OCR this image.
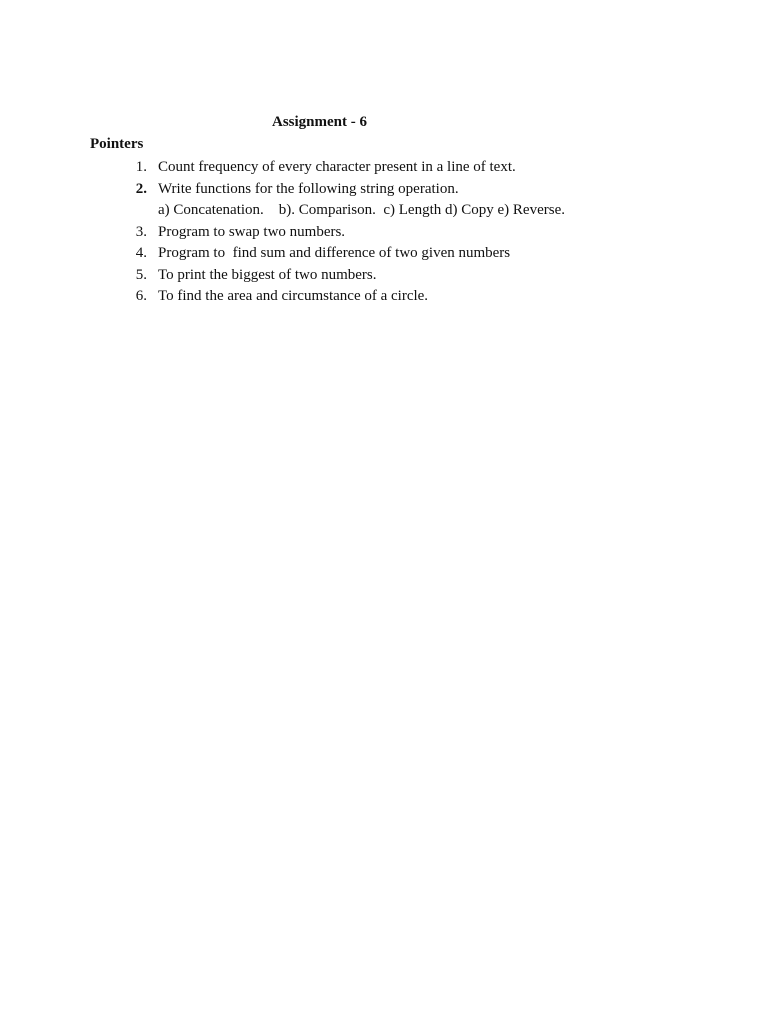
Assignment - 6
Pointers
1. Count frequency of every character present in a line of text.
2. Write functions for the following string operation.
a) Concatenation.    b). Comparison.  c) Length d) Copy e) Reverse.
3. Program to swap two numbers.
4. Program to  find sum and difference of two given numbers
5. To print the biggest of two numbers.
6. To find the area and circumstance of a circle.
